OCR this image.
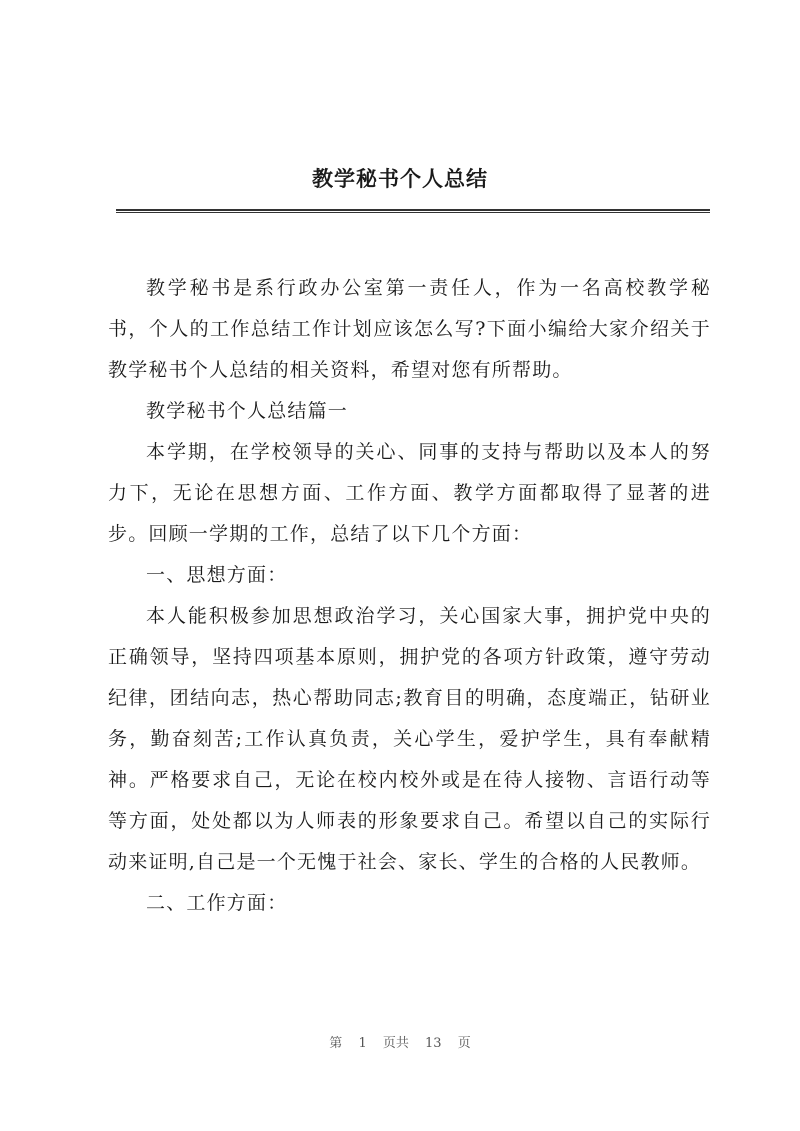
教学秘书个人总结

教学秘书是系行政办公室第一责任人，作为一名高校教学秘书，个人的工作总结工作计划应该怎么写?下面小编给大家介绍关于教学秘书个人总结的相关资料，希望对您有所帮助。

教学秘书个人总结篇一

本学期，在学校领导的关心、同事的支持与帮助以及本人的努力下，无论在思想方面、工作方面、教学方面都取得了显著的进步。回顾一学期的工作，总结了以下几个方面：

一、思想方面：

本人能积极参加思想政治学习，关心国家大事，拥护党中央的正确领导，坚持四项基本原则，拥护党的各项方针政策，遵守劳动纪律，团结向志，热心帮助同志;教育目的明确，态度端正，钻研业务，勤奋刻苦;工作认真负责，关心学生，爱护学生，具有奉献精神。严格要求自己，无论在校内校外或是在待人接物、言语行动等等方面，处处都以为人师表的形象要求自己。希望以自己的实际行动来证明,自己是一个无愧于社会、家长、学生的合格的人民教师。

二、工作方面：

第 1 页共 13 页
